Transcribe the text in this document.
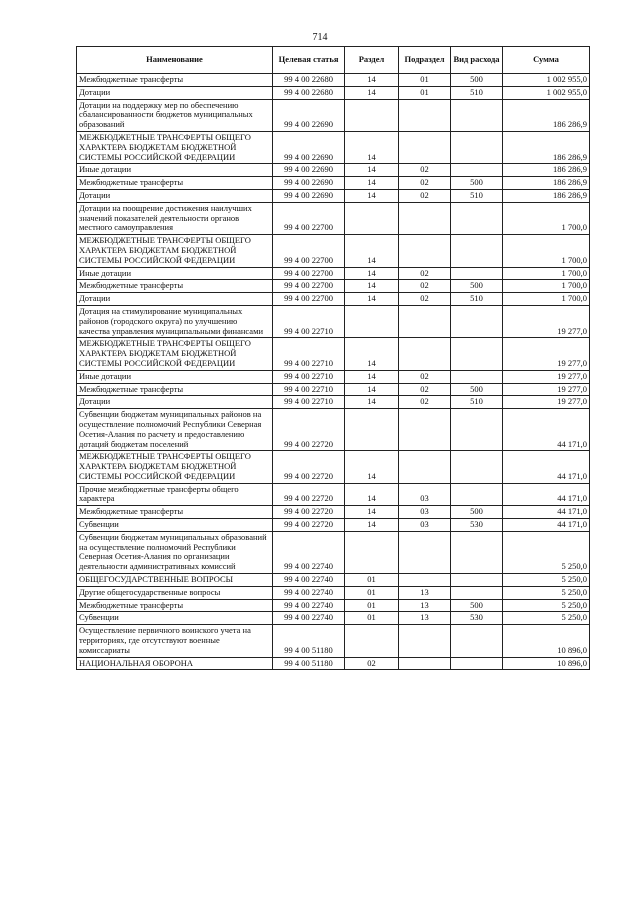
714
Наименование	Целевая статья	Раздел	Подраздел	Вид расхода	Сумма
Межбюджетные трансферты	99 4 00 22680	14	01	500	1 002 955,0
Дотации	99 4 00 22680	14	01	510	1 002 955,0
Дотации на поддержку мер по обеспечению сбалансированности бюджетов муниципальных образований	99 4 00 22690				186 286,9
МЕЖБЮДЖЕТНЫЕ ТРАНСФЕРТЫ ОБЩЕГО ХАРАКТЕРА БЮДЖЕТАМ БЮДЖЕТНОЙ СИСТЕМЫ РОССИЙСКОЙ ФЕДЕРАЦИИ	99 4 00 22690	14			186 286,9
Иные дотации	99 4 00 22690	14	02		186 286,9
Межбюджетные трансферты	99 4 00 22690	14	02	500	186 286,9
Дотации	99 4 00 22690	14	02	510	186 286,9
Дотации на поощрение достижения наилучших значений показателей деятельности органов местного самоуправления	99 4 00 22700				1 700,0
МЕЖБЮДЖЕТНЫЕ ТРАНСФЕРТЫ ОБЩЕГО ХАРАКТЕРА БЮДЖЕТАМ БЮДЖЕТНОЙ СИСТЕМЫ РОССИЙСКОЙ ФЕДЕРАЦИИ	99 4 00 22700	14			1 700,0
Иные дотации	99 4 00 22700	14	02		1 700,0
Межбюджетные трансферты	99 4 00 22700	14	02	500	1 700,0
Дотации	99 4 00 22700	14	02	510	1 700,0
Дотация на стимулирование муниципальных районов (городского округа) по улучшению качества управления муниципальными финансами	99 4 00 22710				19 277,0
МЕЖБЮДЖЕТНЫЕ ТРАНСФЕРТЫ ОБЩЕГО ХАРАКТЕРА БЮДЖЕТАМ БЮДЖЕТНОЙ СИСТЕМЫ РОССИЙСКОЙ ФЕДЕРАЦИИ	99 4 00 22710	14			19 277,0
Иные дотации	99 4 00 22710	14	02		19 277,0
Межбюджетные трансферты	99 4 00 22710	14	02	500	19 277,0
Дотации	99 4 00 22710	14	02	510	19 277,0
Субвенции бюджетам муниципальных районов на осуществление полномочий Республики Северная Осетия-Алания по расчету и предоставлению дотаций бюджетам поселений	99 4 00 22720				44 171,0
МЕЖБЮДЖЕТНЫЕ ТРАНСФЕРТЫ ОБЩЕГО ХАРАКТЕРА БЮДЖЕТАМ БЮДЖЕТНОЙ СИСТЕМЫ РОССИЙСКОЙ ФЕДЕРАЦИИ	99 4 00 22720	14			44 171,0
Прочие межбюджетные трансферты общего характера	99 4 00 22720	14	03		44 171,0
Межбюджетные трансферты	99 4 00 22720	14	03	500	44 171,0
Субвенции	99 4 00 22720	14	03	530	44 171,0
Субвенции бюджетам муниципальных образований на осуществление полномочий Республики Северная Осетия-Алания по организации деятельности административных комиссий	99 4 00 22740				5 250,0
ОБЩЕГОСУДАРСТВЕННЫЕ ВОПРОСЫ	99 4 00 22740	01			5 250,0
Другие общегосударственные вопросы	99 4 00 22740	01	13		5 250,0
Межбюджетные трансферты	99 4 00 22740	01	13	500	5 250,0
Субвенции	99 4 00 22740	01	13	530	5 250,0
Осуществление первичного воинского учета на территориях, где отсутствуют военные комиссариаты	99 4 00 51180				10 896,0
НАЦИОНАЛЬНАЯ ОБОРОНА	99 4 00 51180	02			10 896,0
